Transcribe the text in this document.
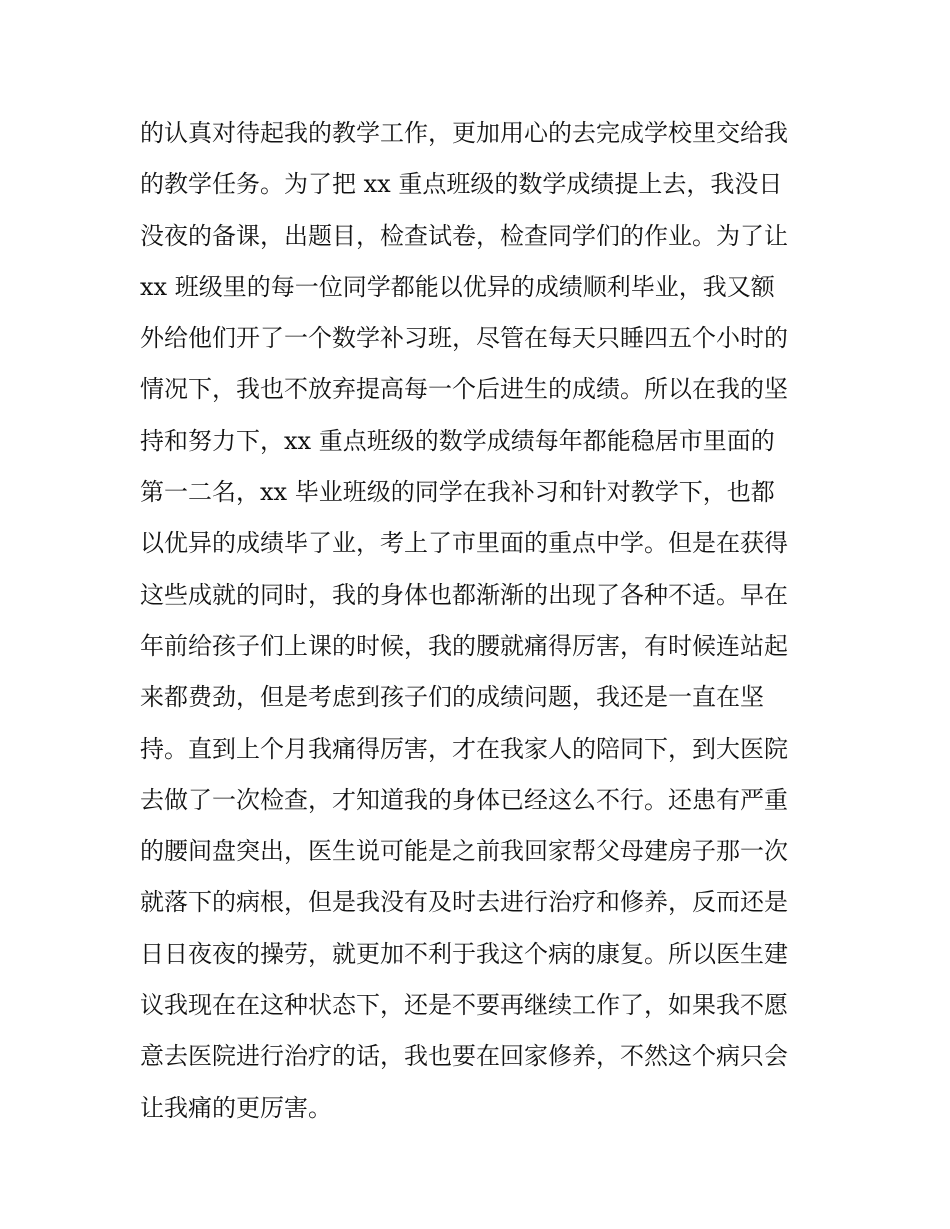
的认真对待起我的教学工作，更加用心的去完成学校里交给我
的教学任务。为了把 xx 重点班级的数学成绩提上去，我没日
没夜的备课，出题目，检查试卷，检查同学们的作业。为了让
xx 班级里的每一位同学都能以优异的成绩顺利毕业，我又额
外给他们开了一个数学补习班，尽管在每天只睡四五个小时的
情况下，我也不放弃提高每一个后进生的成绩。所以在我的坚
持和努力下，xx 重点班级的数学成绩每年都能稳居市里面的
第一二名，xx 毕业班级的同学在我补习和针对教学下，也都
以优异的成绩毕了业，考上了市里面的重点中学。但是在获得
这些成就的同时，我的身体也都渐渐的出现了各种不适。早在
年前给孩子们上课的时候，我的腰就痛得厉害，有时候连站起
来都费劲，但是考虑到孩子们的成绩问题，我还是一直在坚
持。直到上个月我痛得厉害，才在我家人的陪同下，到大医院
去做了一次检查，才知道我的身体已经这么不行。还患有严重
的腰间盘突出，医生说可能是之前我回家帮父母建房子那一次
就落下的病根，但是我没有及时去进行治疗和修养，反而还是
日日夜夜的操劳，就更加不利于我这个病的康复。所以医生建
议我现在在这种状态下，还是不要再继续工作了，如果我不愿
意去医院进行治疗的话，我也要在回家修养，不然这个病只会
让我痛的更厉害。
